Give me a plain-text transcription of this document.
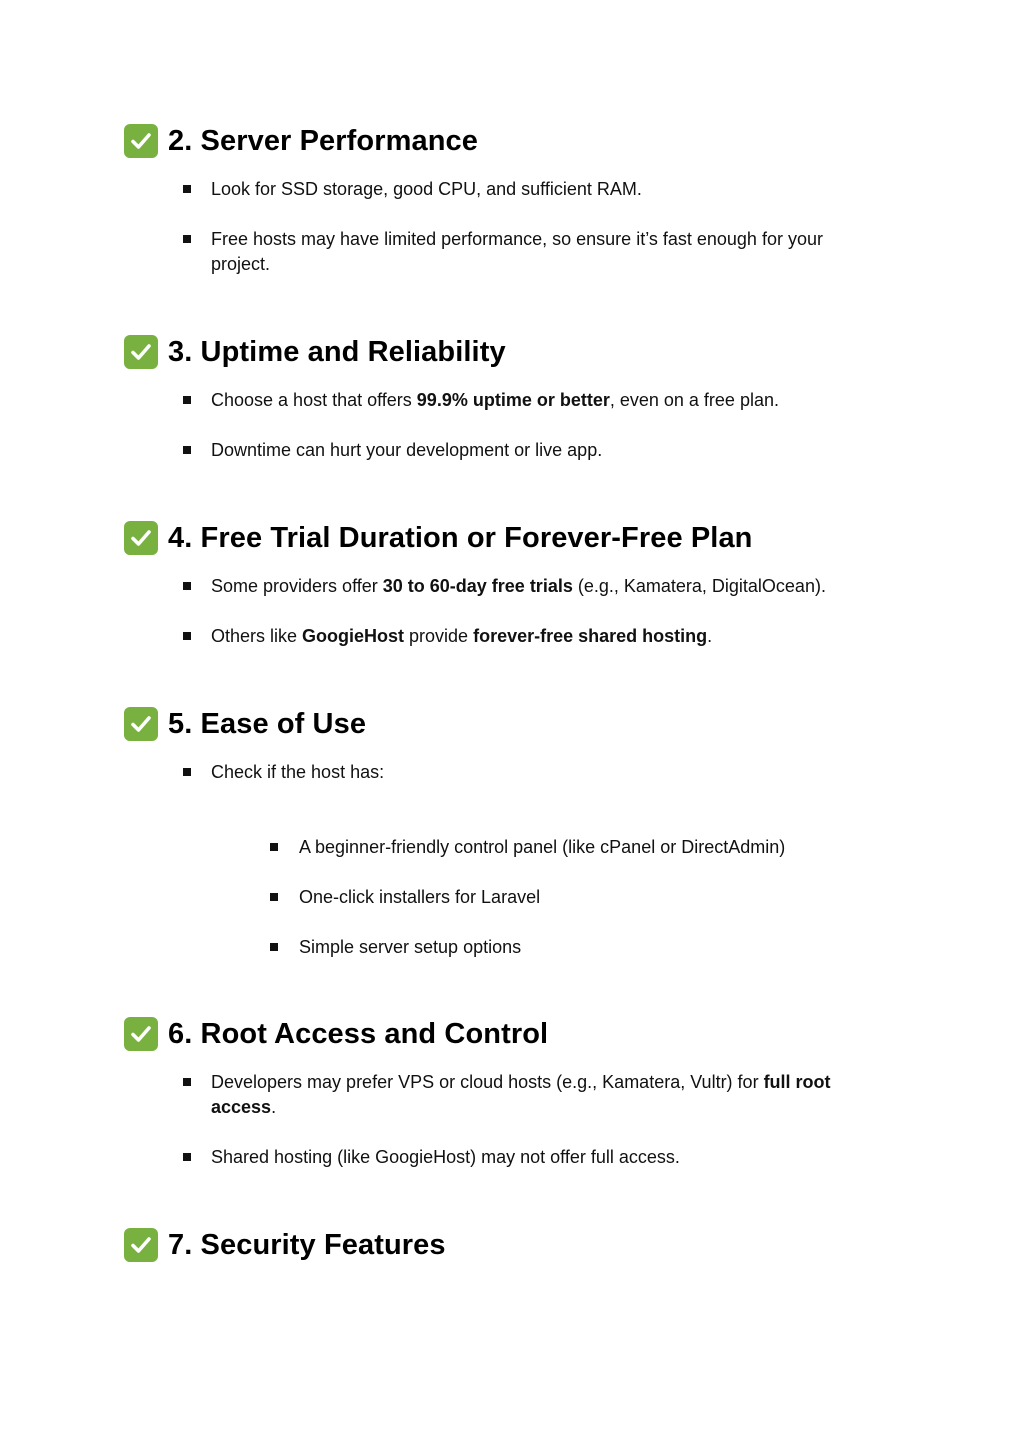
2. Server Performance
Look for SSD storage, good CPU, and sufficient RAM.
Free hosts may have limited performance, so ensure it’s fast enough for your project.
3. Uptime and Reliability
Choose a host that offers 99.9% uptime or better, even on a free plan.
Downtime can hurt your development or live app.
4. Free Trial Duration or Forever-Free Plan
Some providers offer 30 to 60-day free trials (e.g., Kamatera, DigitalOcean).
Others like GoogieHost provide forever-free shared hosting.
5. Ease of Use
Check if the host has:
A beginner-friendly control panel (like cPanel or DirectAdmin)
One-click installers for Laravel
Simple server setup options
6. Root Access and Control
Developers may prefer VPS or cloud hosts (e.g., Kamatera, Vultr) for full root access.
Shared hosting (like GoogieHost) may not offer full access.
7. Security Features
